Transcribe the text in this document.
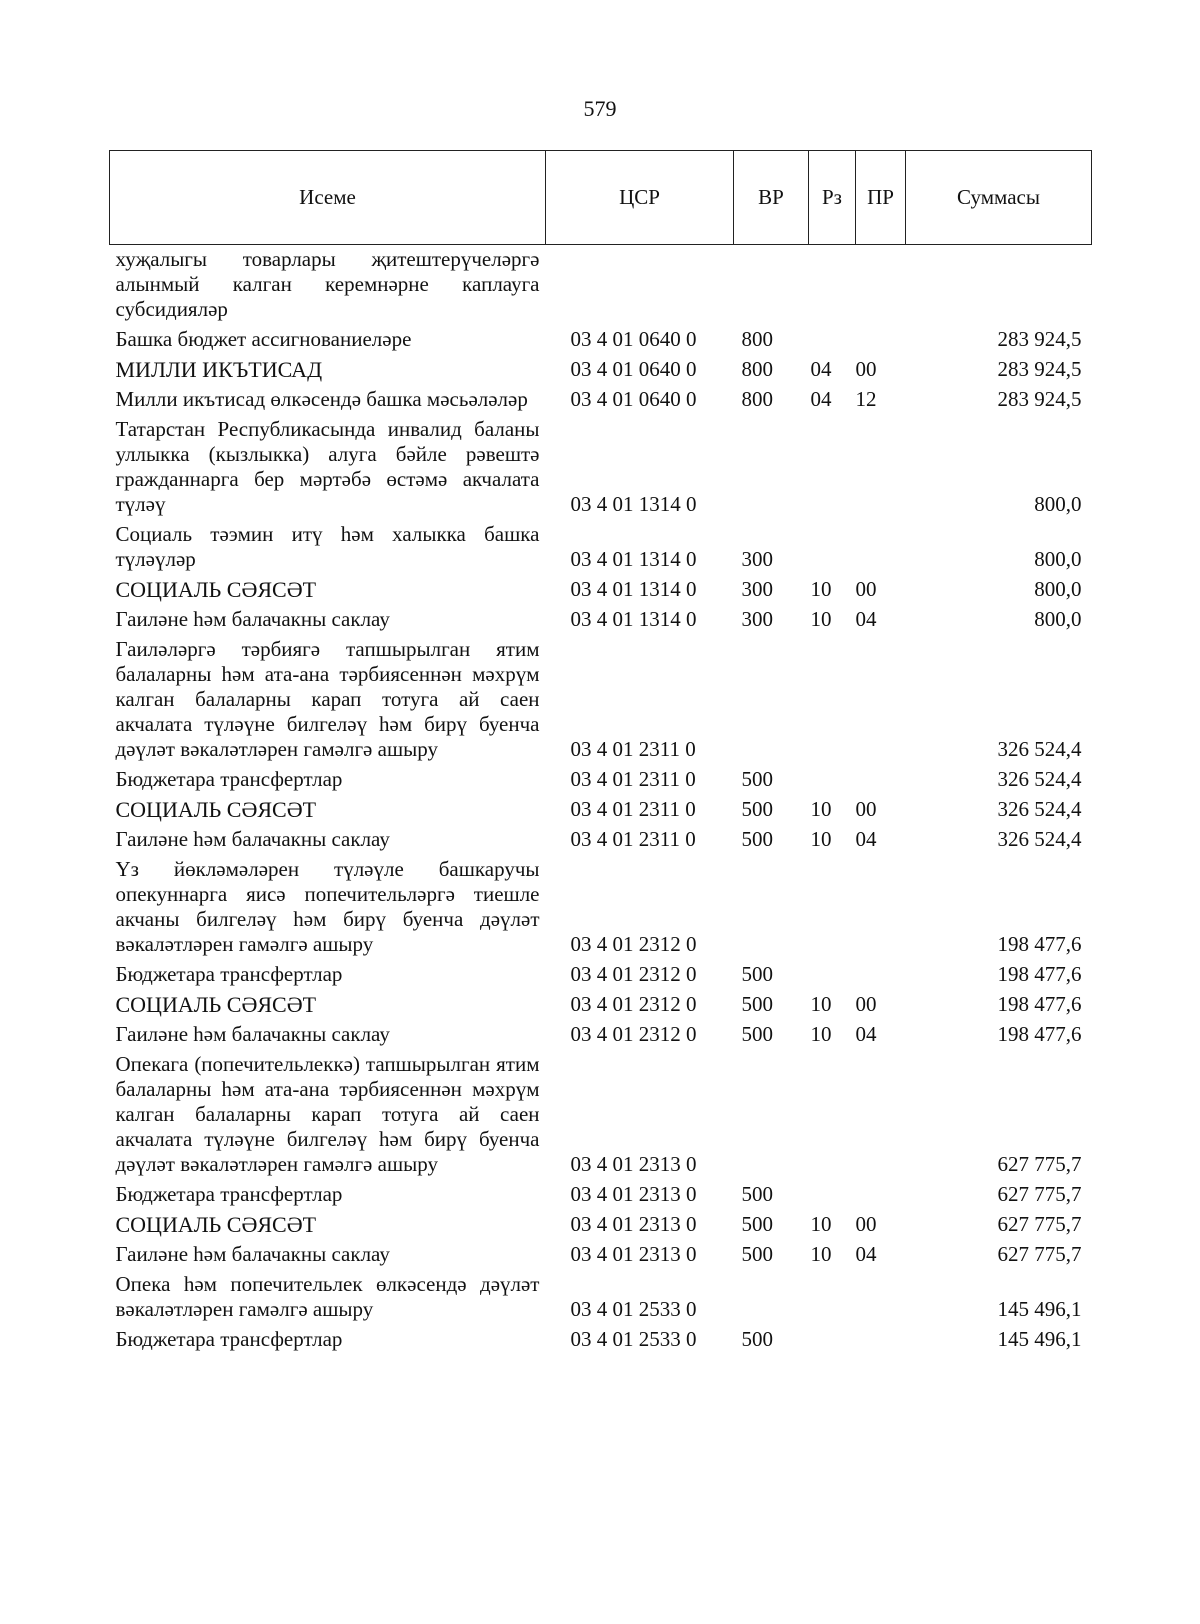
579
Исеме	ЦСР	ВР	Рз	ПР	Суммасы
хуҗалыгы товарлары җитештерүчеләргә алынмый калган керемнәрне каплауга субсидияләр					
Башка бюджет ассигнованиеләре	03 4 01 0640 0	800			283 924,5
МИЛЛИ ИКЪТИСАД	03 4 01 0640 0	800	04	00	283 924,5
Милли икътисад өлкәсендә башка мәсьәләләр	03 4 01 0640 0	800	04	12	283 924,5
Татарстан Республикасында инвалид баланы уллыкка (кызлыкка) алуга бәйле рәвештә гражданнарга бер мәртәбә өстәмә акчалата түләү	03 4 01 1314 0				800,0
Социаль тәэмин итү һәм халыкка башка түләүләр	03 4 01 1314 0	300			800,0
СОЦИАЛЬ СӘЯСӘТ	03 4 01 1314 0	300	10	00	800,0
Гаиләне һәм балачакны саклау	03 4 01 1314 0	300	10	04	800,0
Гаиләләргә тәрбиягә тапшырылган ятим балаларны һәм ата-ана тәрбиясеннән мәхрүм калган балаларны карап тотуга ай саен акчалата түләүне билгеләү һәм бирү буенча дәүләт вәкаләтләрен гамәлгә ашыру	03 4 01 2311 0				326 524,4
Бюджетара трансфертлар	03 4 01 2311 0	500			326 524,4
СОЦИАЛЬ СӘЯСӘТ	03 4 01 2311 0	500	10	00	326 524,4
Гаиләне һәм балачакны саклау	03 4 01 2311 0	500	10	04	326 524,4
Үз йөкләмәләрен түләүле башкаручы опекуннарга яисә попечительләргә тиешле акчаны билгеләү һәм бирү буенча дәүләт вәкаләтләрен гамәлгә ашыру	03 4 01 2312 0				198 477,6
Бюджетара трансфертлар	03 4 01 2312 0	500			198 477,6
СОЦИАЛЬ СӘЯСӘТ	03 4 01 2312 0	500	10	00	198 477,6
Гаиләне һәм балачакны саклау	03 4 01 2312 0	500	10	04	198 477,6
Опекага (попечительлеккә) тапшырылган ятим балаларны һәм ата-ана тәрбиясеннән мәхрүм калган балаларны карап тотуга ай саен акчалата түләүне билгеләү һәм бирү буенча дәүләт вәкаләтләрен гамәлгә ашыру	03 4 01 2313 0				627 775,7
Бюджетара трансфертлар	03 4 01 2313 0	500			627 775,7
СОЦИАЛЬ СӘЯСӘТ	03 4 01 2313 0	500	10	00	627 775,7
Гаиләне һәм балачакны саклау	03 4 01 2313 0	500	10	04	627 775,7
Опека һәм попечительлек өлкәсендә дәүләт вәкаләтләрен гамәлгә ашыру	03 4 01 2533 0				145 496,1
Бюджетара трансфертлар	03 4 01 2533 0	500			145 496,1
